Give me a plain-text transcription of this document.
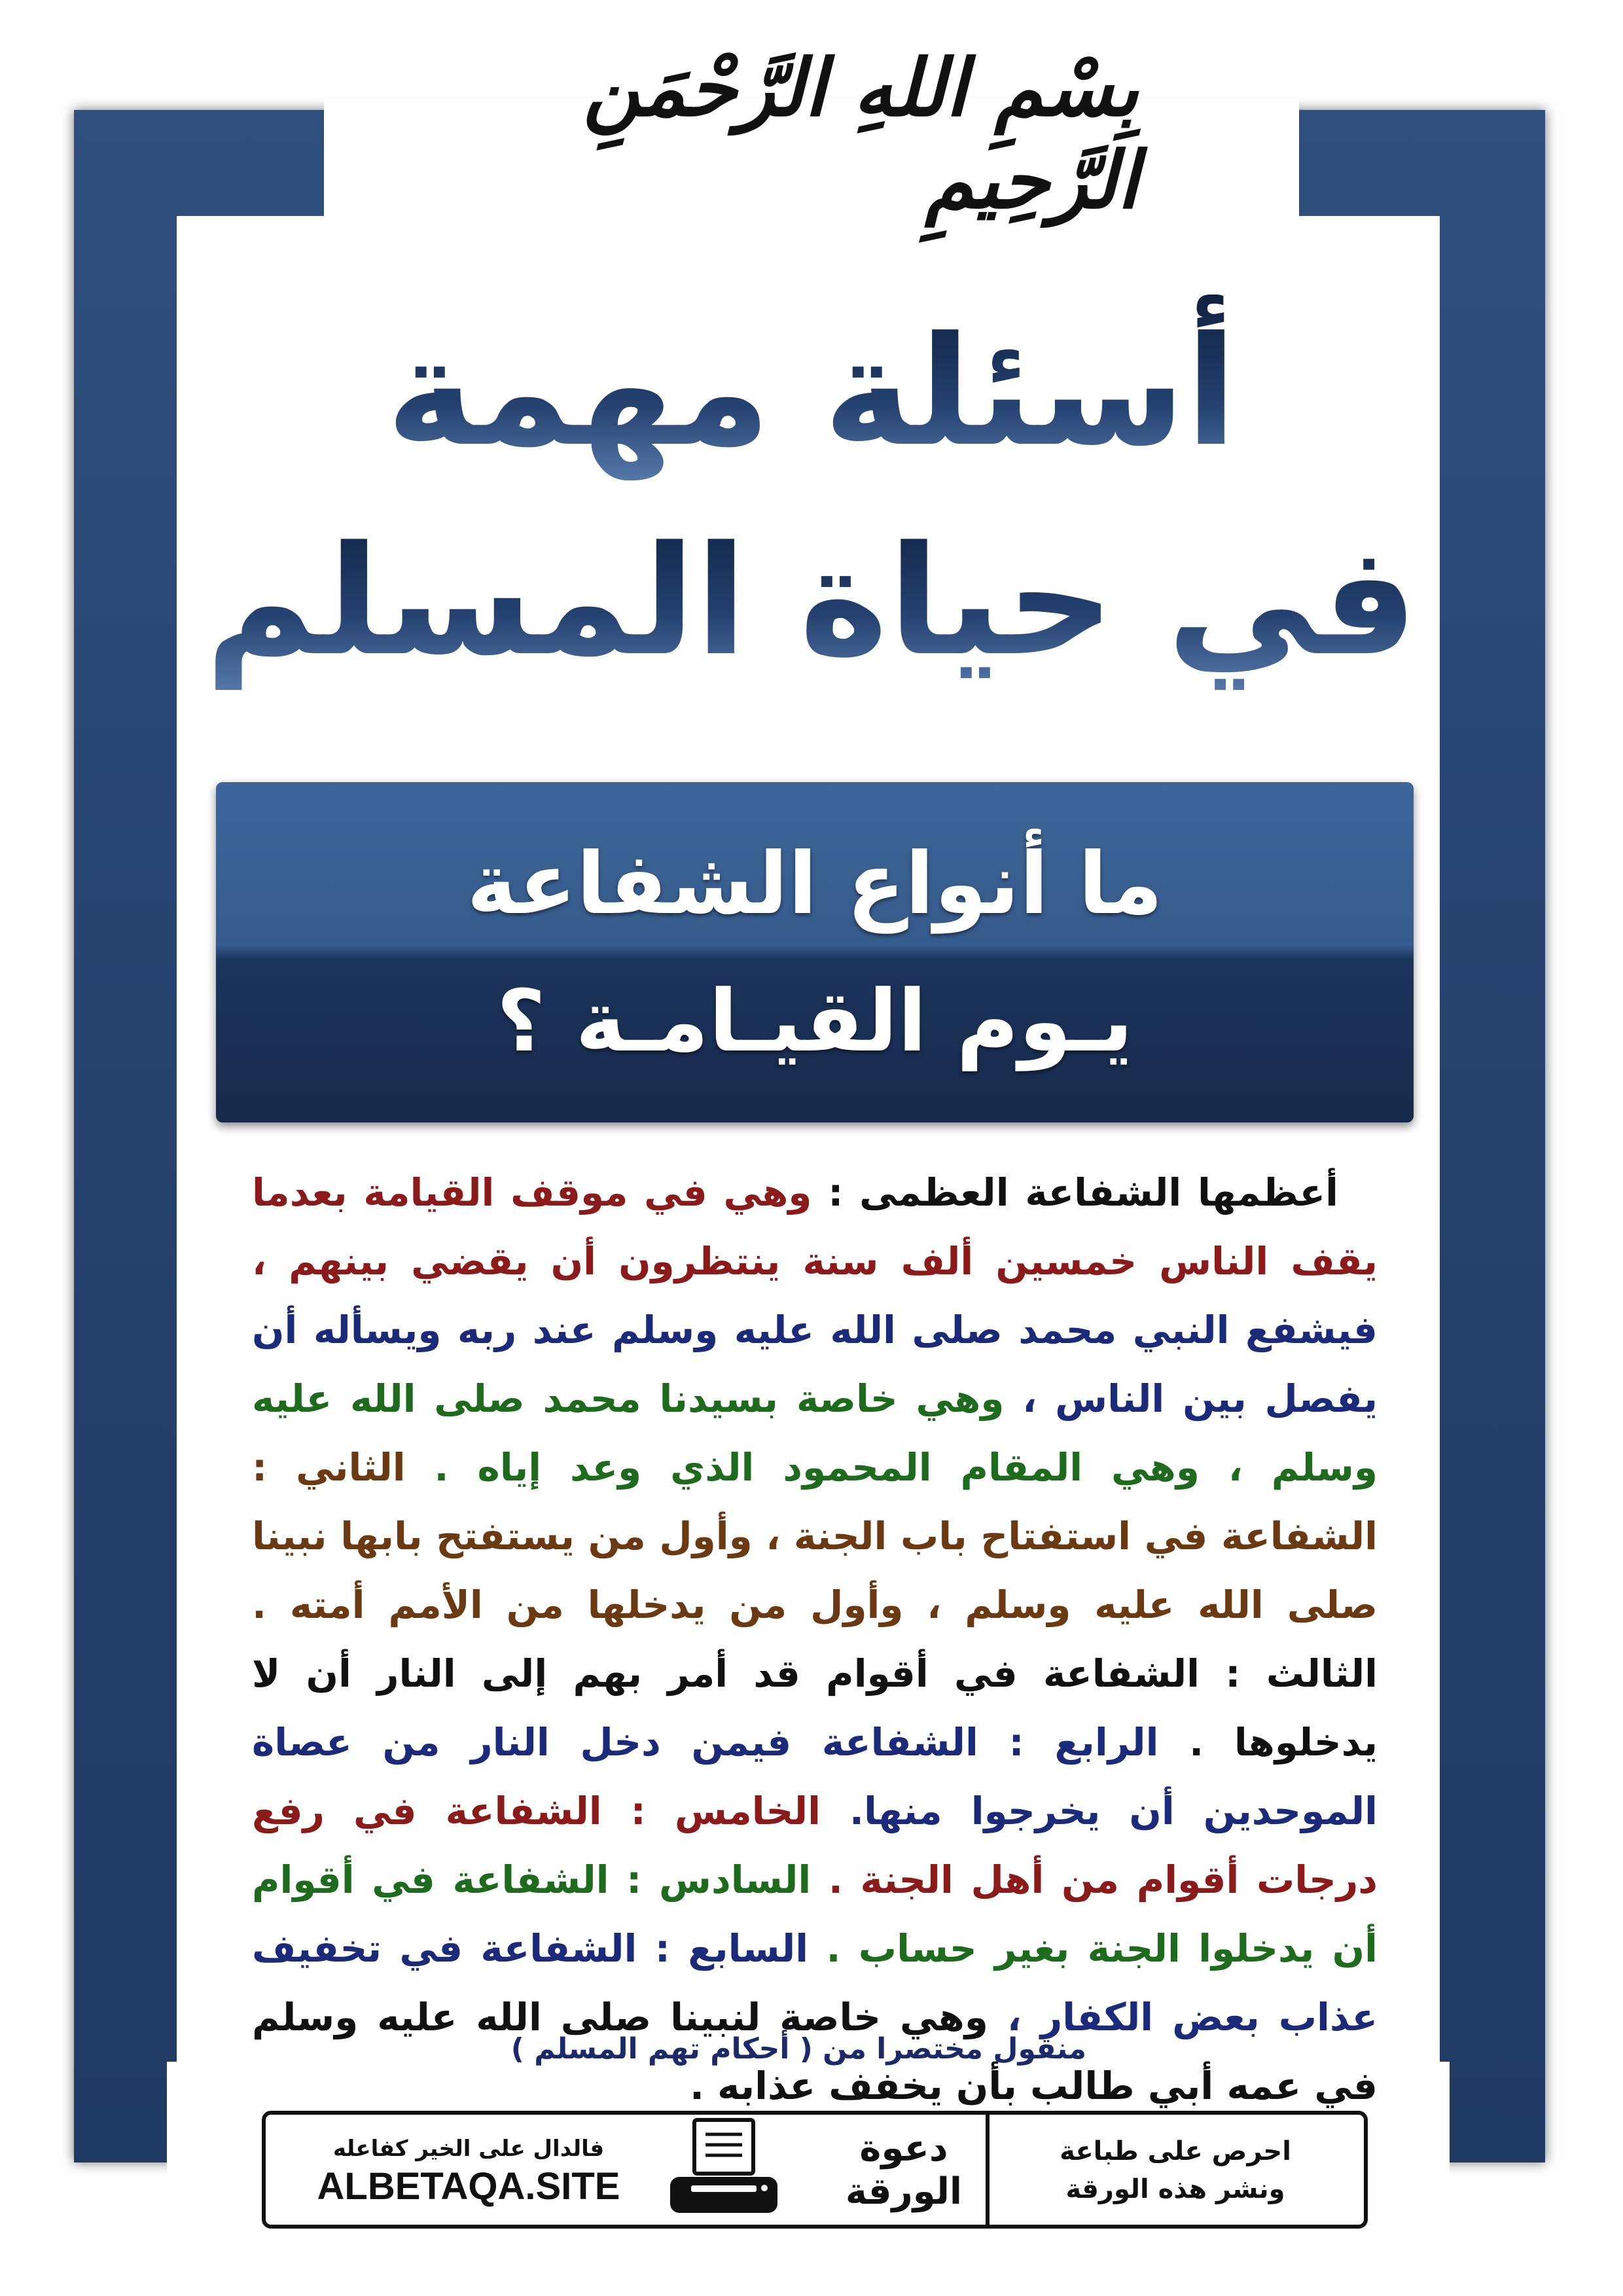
بِسْمِ اللهِ الرَّحْمَنِ الرَّحِيمِ
أسئلة مهمة
في حياة المسلم
ما أنواع الشفاعة
يـوم القيـامـة ؟
أعظمها الشفاعة العظمى : وهي في موقف القيامة بعدما يقف الناس خمسين ألف سنة ينتظرون أن يقضي بينهم ، فيشفع النبي محمد صلى الله عليه وسلم عند ربه ويسأله أن يفصل بين الناس ، وهي خاصة بسيدنا محمد صلى الله عليه وسلم ، وهي المقام المحمود الذي وعد إياه . الثاني : الشفاعة في استفتاح باب الجنة ، وأول من يستفتح بابها نبينا صلى الله عليه وسلم ، وأول من يدخلها من الأمم أمته . الثالث : الشفاعة في أقوام قد أمر بهم إلى النار أن لا يدخلوها . الرابع : الشفاعة فيمن دخل النار من عصاة الموحدين أن يخرجوا منها. الخامس : الشفاعة في رفع درجات أقوام من أهل الجنة . السادس : الشفاعة في أقوام أن يدخلوا الجنة بغير حساب . السابع : الشفاعة في تخفيف عذاب بعض الكفار ، وهي خاصة لنبينا صلى الله عليه وسلم في عمه أبي طالب بأن يخفف عذابه .
منقول مختصرا من ( أحكام تهم المسلم )
فالدال على الخير كفاعله
ALBETAQA.SITE
دعوة
الورقة
احرص على طباعة
ونشر هذه الورقة
